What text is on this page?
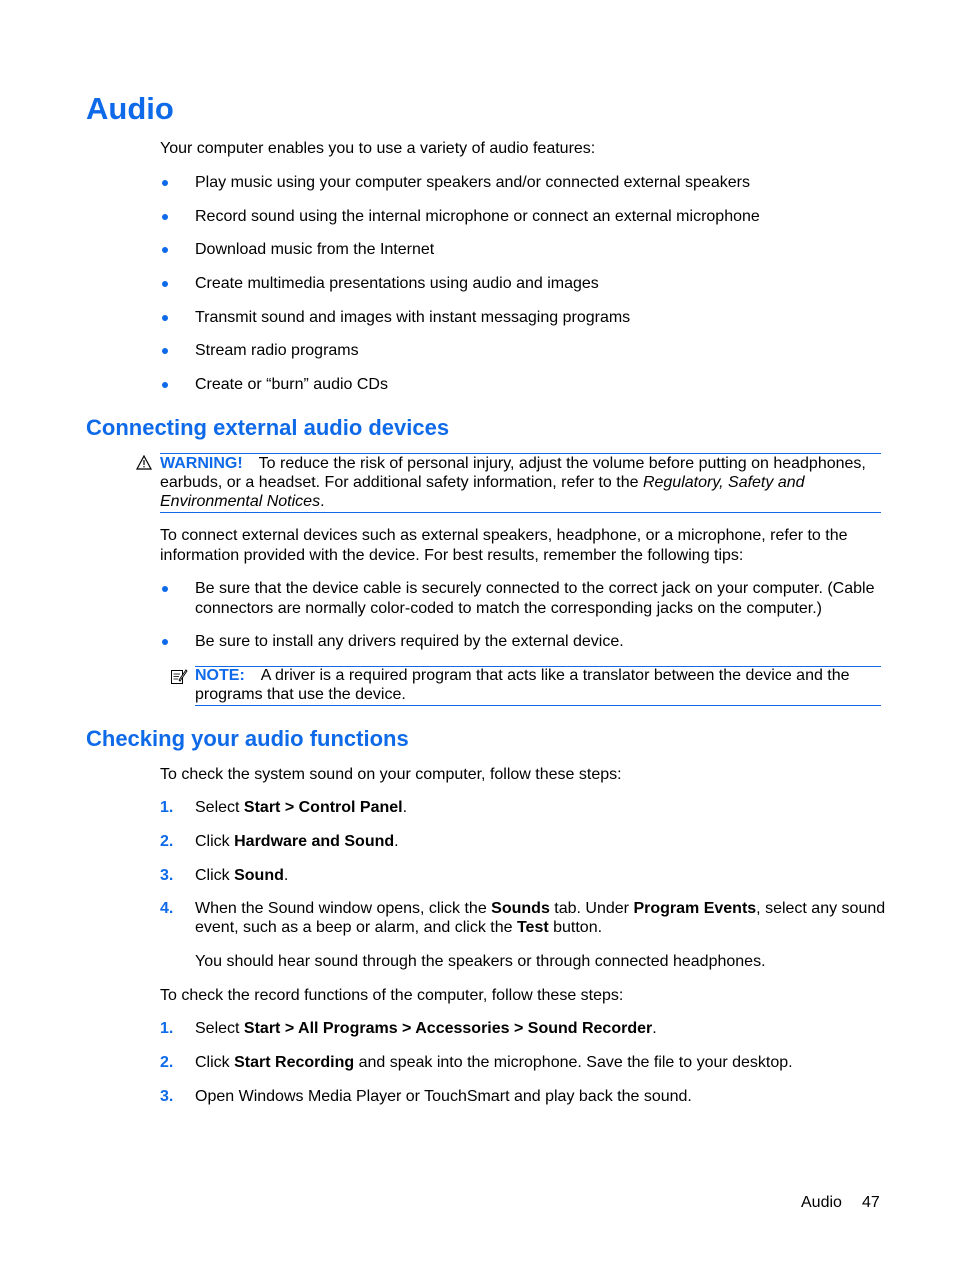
Audio
Your computer enables you to use a variety of audio features:
Play music using your computer speakers and/or connected external speakers
Record sound using the internal microphone or connect an external microphone
Download music from the Internet
Create multimedia presentations using audio and images
Transmit sound and images with instant messaging programs
Stream radio programs
Create or “burn” audio CDs
Connecting external audio devices
WARNING! To reduce the risk of personal injury, adjust the volume before putting on headphones,
earbuds, or a headset. For additional safety information, refer to the Regulatory, Safety and
Environmental Notices.
To connect external devices such as external speakers, headphone, or a microphone, refer to the
information provided with the device. For best results, remember the following tips:
Be sure that the device cable is securely connected to the correct jack on your computer. (Cable
connectors are normally color-coded to match the corresponding jacks on the computer.)
Be sure to install any drivers required by the external device.
NOTE: A driver is a required program that acts like a translator between the device and the
programs that use the device.
Checking your audio functions
To check the system sound on your computer, follow these steps:
1. Select Start > Control Panel.
2. Click Hardware and Sound.
3. Click Sound.
4. When the Sound window opens, click the Sounds tab. Under Program Events, select any sound
event, such as a beep or alarm, and click the Test button.
You should hear sound through the speakers or through connected headphones.
To check the record functions of the computer, follow these steps:
1. Select Start > All Programs > Accessories > Sound Recorder.
2. Click Start Recording and speak into the microphone. Save the file to your desktop.
3. Open Windows Media Player or TouchSmart and play back the sound.
Audio 47
